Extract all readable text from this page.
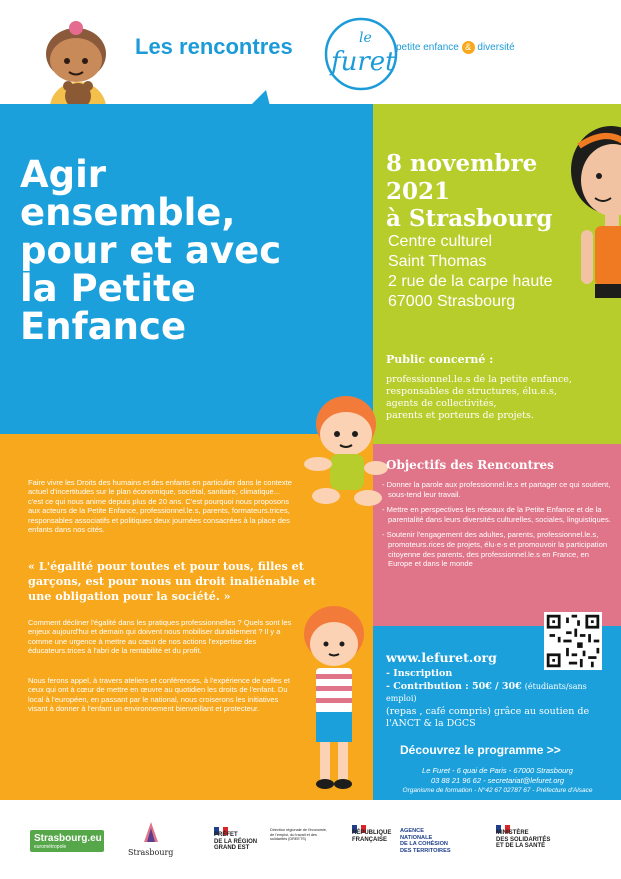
Les rencontres	le
furet petite enfance & diversité
Agir
ensemble,
pour et avec
la Petite
Enfance
8 novembre
2021
à Strasbourg
Centre culturel
Saint Thomas
2 rue de la carpe haute
67000 Strasbourg
Public concerné :
professionnel.le.s de la petite enfance,
responsables de structures, élu.e.s,
agents de collectivités,
parents et porteurs de projets.
Objectifs des Rencontres
- Donner la parole aux professionnel.le.s et partager ce qui soutient, sous-tend leur travail.
- Mettre en perspectives les réseaux de la Petite Enfance et de la parentalité dans leurs diversités culturelles, sociales, linguistiques.
- Soutenir l'engagement des adultes, parents, professionnel.le.s, promoteurs.rices de projets, élu·e·s et promouvoir la participation citoyenne des parents, des professionnel.le.s en France, en Europe et dans le monde
Faire vivre les Droits des humains et des enfants en particulier dans le contexte actuel d'incertitudes sur le plan économique, sociétal, sanitaire, climatique... c'est ce qui nous anime depuis plus de 20 ans. C'est pourquoi nous proposons aux acteurs de la Petite Enfance, professionnel.le.s, parents, formateurs.trices, responsables associatifs et politiques deux journées consacrées à la place des enfants dans nos cités.
« L'égalité pour toutes et pour tous, filles et garçons, est pour nous un droit inaliénable et une obligation pour la société. »
Comment décliner l'égalité dans les pratiques professionnelles ? Quels sont les enjeux aujourd'hui et demain qui doivent nous mobiliser durablement ? Il y a comme une urgence à mettre au cœur de nos actions l'expertise des éducateurs.trices à l'abri de la rentabilité et du profit.
Nous ferons appel, à travers ateliers et conférences, à l'expérience de celles et ceux qui ont à cœur de mettre en œuvre au quotidien les droits de l'enfant. Du local à l'européen, en passant par le national, nous croiserons les initiatives visant à donner à l'enfant un environnement bienveillant et protecteur.
www.lefuret.org
- Inscription
- Contribution : 50€ / 30€ (étudiants/sans emploi)
(repas , café compris) grâce au soutien de l'ANCT & la DGCS
Découvrez le programme >>
Le Furet - 6 quai de Paris - 67000 Strasbourg
03 88 21 96 62 - secretariat@lefuret.org
Organisme de formation - N°42 67 02787 67 - Préfecture d'Alsace
Strasbourg.eu
eurométropole
Strasbourg
PRÉFET
DE LA RÉGION
GRAND EST
Direction régionale de l'économie, de l'emploi, du travail et des solidarités (DREETS)
RÉPUBLIQUE
FRANÇAISE
AGENCE
NATIONALE
DE LA COHÉSION
DES TERRITOIRES
MINISTÈRE
DES SOLIDARITÉS
ET DE LA SANTÉ
